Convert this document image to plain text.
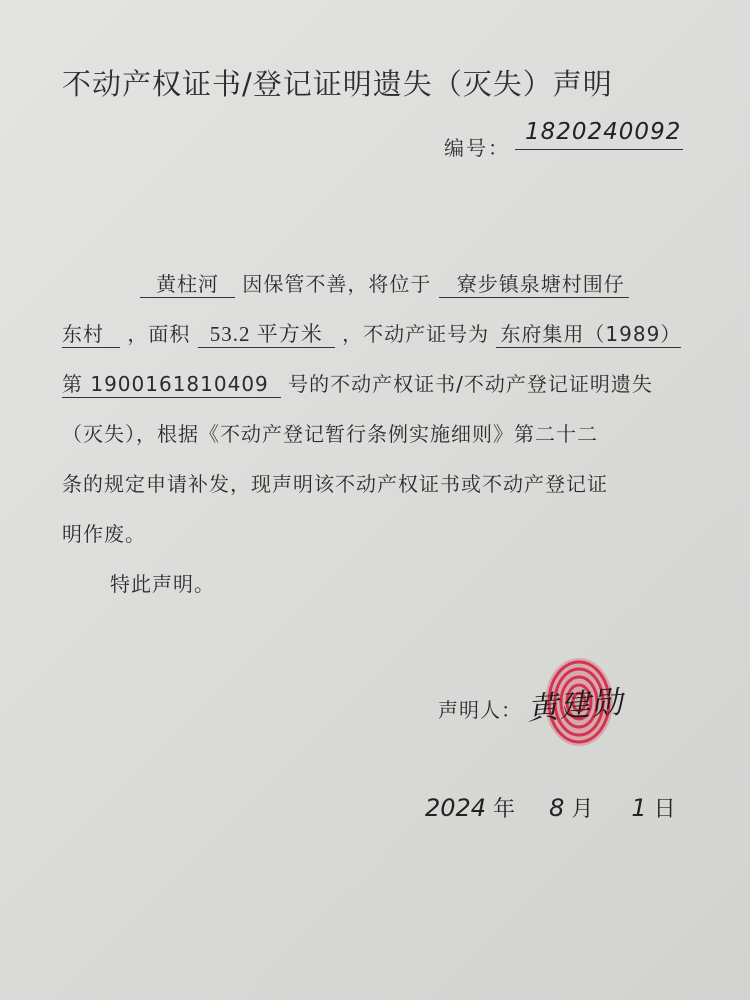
不动产权证书/登记证明遗失（灭失）声明
编号：
1820240092
黄柱河 因保管不善，将位于 寮步镇泉塘村围仔
东村 ，面积 53.2 平方米 ，不动产证号为 东府集用（1989）
第 1900161810409 号的不动产权证书/不动产登记证明遗失
（灭失），根据《不动产登记暂行条例实施细则》第二十二
条的规定申请补发，现声明该不动产权证书或不动产登记证
明作废。
特此声明。
声明人： 黄建勋
2024 年 8 月 1 日
